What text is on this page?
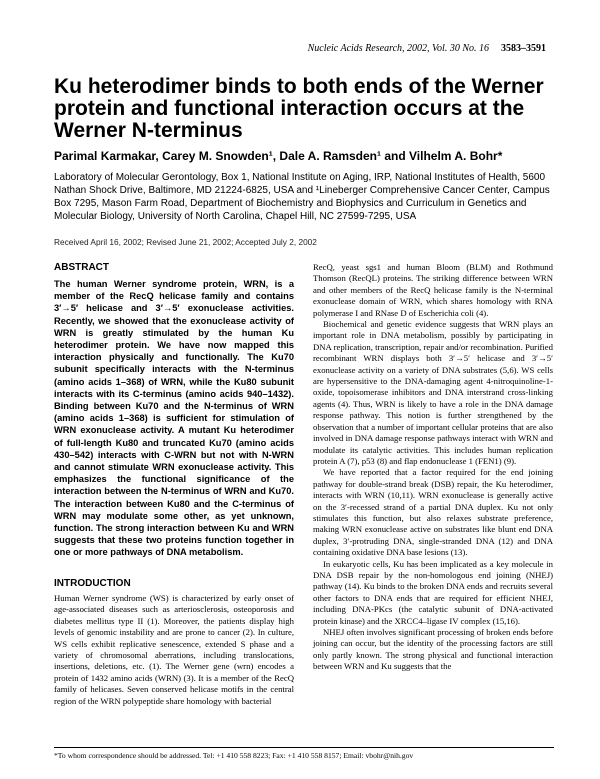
Nucleic Acids Research, 2002, Vol. 30 No. 16 3583–3591
Ku heterodimer binds to both ends of the Werner protein and functional interaction occurs at the Werner N-terminus
Parimal Karmakar, Carey M. Snowden¹, Dale A. Ramsden¹ and Vilhelm A. Bohr*
Laboratory of Molecular Gerontology, Box 1, National Institute on Aging, IRP, National Institutes of Health, 5600 Nathan Shock Drive, Baltimore, MD 21224-6825, USA and ¹Lineberger Comprehensive Cancer Center, Campus Box 7295, Mason Farm Road, Department of Biochemistry and Biophysics and Curriculum in Genetics and Molecular Biology, University of North Carolina, Chapel Hill, NC 27599-7295, USA
Received April 16, 2002; Revised June 21, 2002; Accepted July 2, 2002
ABSTRACT
The human Werner syndrome protein, WRN, is a member of the RecQ helicase family and contains 3′→5′ helicase and 3′→5′ exonuclease activities. Recently, we showed that the exonuclease activity of WRN is greatly stimulated by the human Ku heterodimer protein. We have now mapped this interaction physically and functionally. The Ku70 subunit specifically interacts with the N-terminus (amino acids 1–368) of WRN, while the Ku80 subunit interacts with its C-terminus (amino acids 940–1432). Binding between Ku70 and the N-terminus of WRN (amino acids 1–368) is sufficient for stimulation of WRN exonuclease activity. A mutant Ku heterodimer of full-length Ku80 and truncated Ku70 (amino acids 430–542) interacts with C-WRN but not with N-WRN and cannot stimulate WRN exonuclease activity. This emphasizes the functional significance of the interaction between the N-terminus of WRN and Ku70. The interaction between Ku80 and the C-terminus of WRN may modulate some other, as yet unknown, function. The strong interaction between Ku and WRN suggests that these two proteins function together in one or more pathways of DNA metabolism.
INTRODUCTION

Human Werner syndrome (WS) is characterized by early onset of age-associated diseases such as arteriosclerosis, osteoporosis and diabetes mellitus type II (1). Moreover, the patients display high levels of genomic instability and are prone to cancer (2). In culture, WS cells exhibit replicative senescence, extended S phase and a variety of chromosomal aberrations, including translocations, insertions, deletions, etc. (1). The Werner gene (wrn) encodes a protein of 1432 amino acids (WRN) (3). It is a member of the RecQ family of helicases. Seven conserved helicase motifs in the central region of the WRN polypeptide share homology with bacterial

RecQ, yeast sgs1 and human Bloom (BLM) and Rothmund Thomson (RecQL) proteins. The striking difference between WRN and other members of the RecQ helicase family is the N-terminal exonuclease domain of WRN, which shares homology with RNA polymerase I and RNase D of Escherichia coli (4).

Biochemical and genetic evidence suggests that WRN plays an important role in DNA metabolism, possibly by participating in DNA replication, transcription, repair and/or recombination. Purified recombinant WRN displays both 3′→5′ helicase and 3′→5′ exonuclease activity on a variety of DNA substrates (5,6). WS cells are hypersensitive to the DNA-damaging agent 4-nitroquinoline-1-oxide, topoisomerase inhibitors and DNA interstrand cross-linking agents (4). Thus, WRN is likely to have a role in the DNA damage response pathway. This notion is further strengthened by the observation that a number of important cellular proteins that are also involved in DNA damage response pathways interact with WRN and modulate its catalytic activities. This includes human replication protein A (7), p53 (8) and flap endonuclease 1 (FEN1) (9).

We have reported that a factor required for the end joining pathway for double-strand break (DSB) repair, the Ku heterodimer, interacts with WRN (10,11). WRN exonuclease is generally active on the 3′-recessed strand of a partial DNA duplex. Ku not only stimulates this function, but also relaxes substrate preference, making WRN exonuclease active on substrates like blunt end DNA duplex, 3′-protruding DNA, single-stranded DNA (12) and DNA containing oxidative DNA base lesions (13).

In eukaryotic cells, Ku has been implicated as a key molecule in DNA DSB repair by the non-homologous end joining (NHEJ) pathway (14). Ku binds to the broken DNA ends and recruits several other factors to DNA ends that are required for efficient NHEJ, including DNA-PKcs (the catalytic subunit of DNA-activated protein kinase) and the XRCC4–ligase IV complex (15,16).

NHEJ often involves significant processing of broken ends before joining can occur, but the identity of the processing factors are still only partly known. The strong physical and functional interaction between WRN and Ku suggests that the

*To whom correspondence should be addressed. Tel: +1 410 558 8223; Fax: +1 410 558 8157; Email: vbohr@nih.gov
